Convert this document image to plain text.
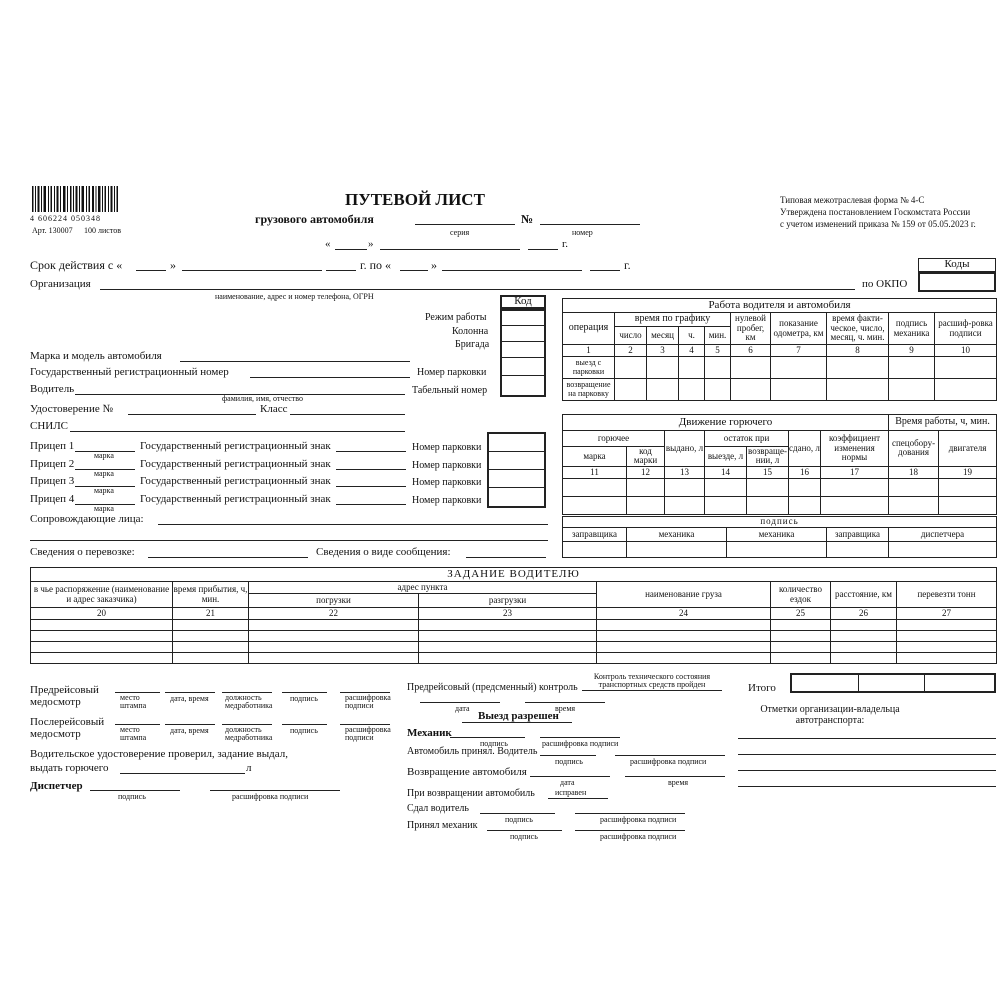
4 606224 050348
Арт. 130007 100 листов
ПУТЕВОЙ ЛИСТ
грузового автомобиля	№
серия	номер
«	»	г.
Типовая межотраслевая форма № 4-С
Утверждена постановлением Госкомстата России
с учетом изменений приказа № 159 от 05.05.2023 г.
Срок действия с «	»	г. по «	»	г.	Коды
по ОКПО
Организация
наименование, адрес и номер телефона, ОГРН	Код
Режим работы
Колонна
Бригада
Марка и модель автомобиля
Государственный регистрационный номер	Номер парковки
Водитель	Табельный номер
фамилия, имя, отчество
Удостоверение №	Класс
СНИЛС
Прицеп 1
Прицеп 2
Прицеп 3
Прицеп 4
марка
марка
марка
марка
Государственный регистрационный знак
Государственный регистрационный знак
Государственный регистрационный знак
Государственный регистрационный знак
Номер парковки
Номер парковки
Номер парковки
Номер парковки
Сопровождающие лица:
Сведения о перевозке:	Сведения о виде сообщения:
Работа водителя и автомобиля									
операция	время по графику				нулевой пробег, км	показание одометра, км	время факти-ческое, число, месяц, ч. мин.	подпись механика	расшиф-ровка подписи
	число	месяц	ч.	мин.					
1	2	3	4	5	6	7	8	9	10
выезд с парковки									
возвращение на парковку									
Движение горючего							Время работы, ч, мин.	
горючее		выдано, л	остаток при		сдано, л	коэффициент изменения нормы	спецобору-дования	двигателя
марка	код марки		выезде, л	возвраще-нии, л				
11	12	13	14	15	16	17	18	19

подпись				
заправщика	механика	механика	заправщика	диспетчера

ЗАДАНИЕ ВОДИТЕЛЮ							
в чье распоряжение (наименование и адрес заказчика)	время прибытия, ч, мин.	адрес пункта		наименование груза	количество ездок	расстояние, км	перевезти тонн
		погрузки	разгрузки				
20	21	22	23	24	25	26	27

Итого
Предрейсовый медосмотр
Послерейсовый медосмотр
место штампа
дата, время должность медработника
подпись	расшифровка подписи
место штампа
дата, время должность медработника
подпись	расшифровка подписи
Водительское удостоверение проверил, задание выдал,
выдать горючего	л
Диспетчер
подпись	расшифровка подписи
Предрейсовый (предсменный) контроль
Контроль технического состояния транспортных средств пройден
дата	время
Выезд разрешен
Механик
подпись	расшифровка подписи
Автомобиль принял. Водитель
подпись	расшифровка подписи
Возвращение автомобиля
дата	время
При возвращении автомобиль	исправен
Сдал водитель
подпись	расшифровка подписи
Принял механик
подпись	расшифровка подписи
Отметки организации-владельца автотранспорта:
